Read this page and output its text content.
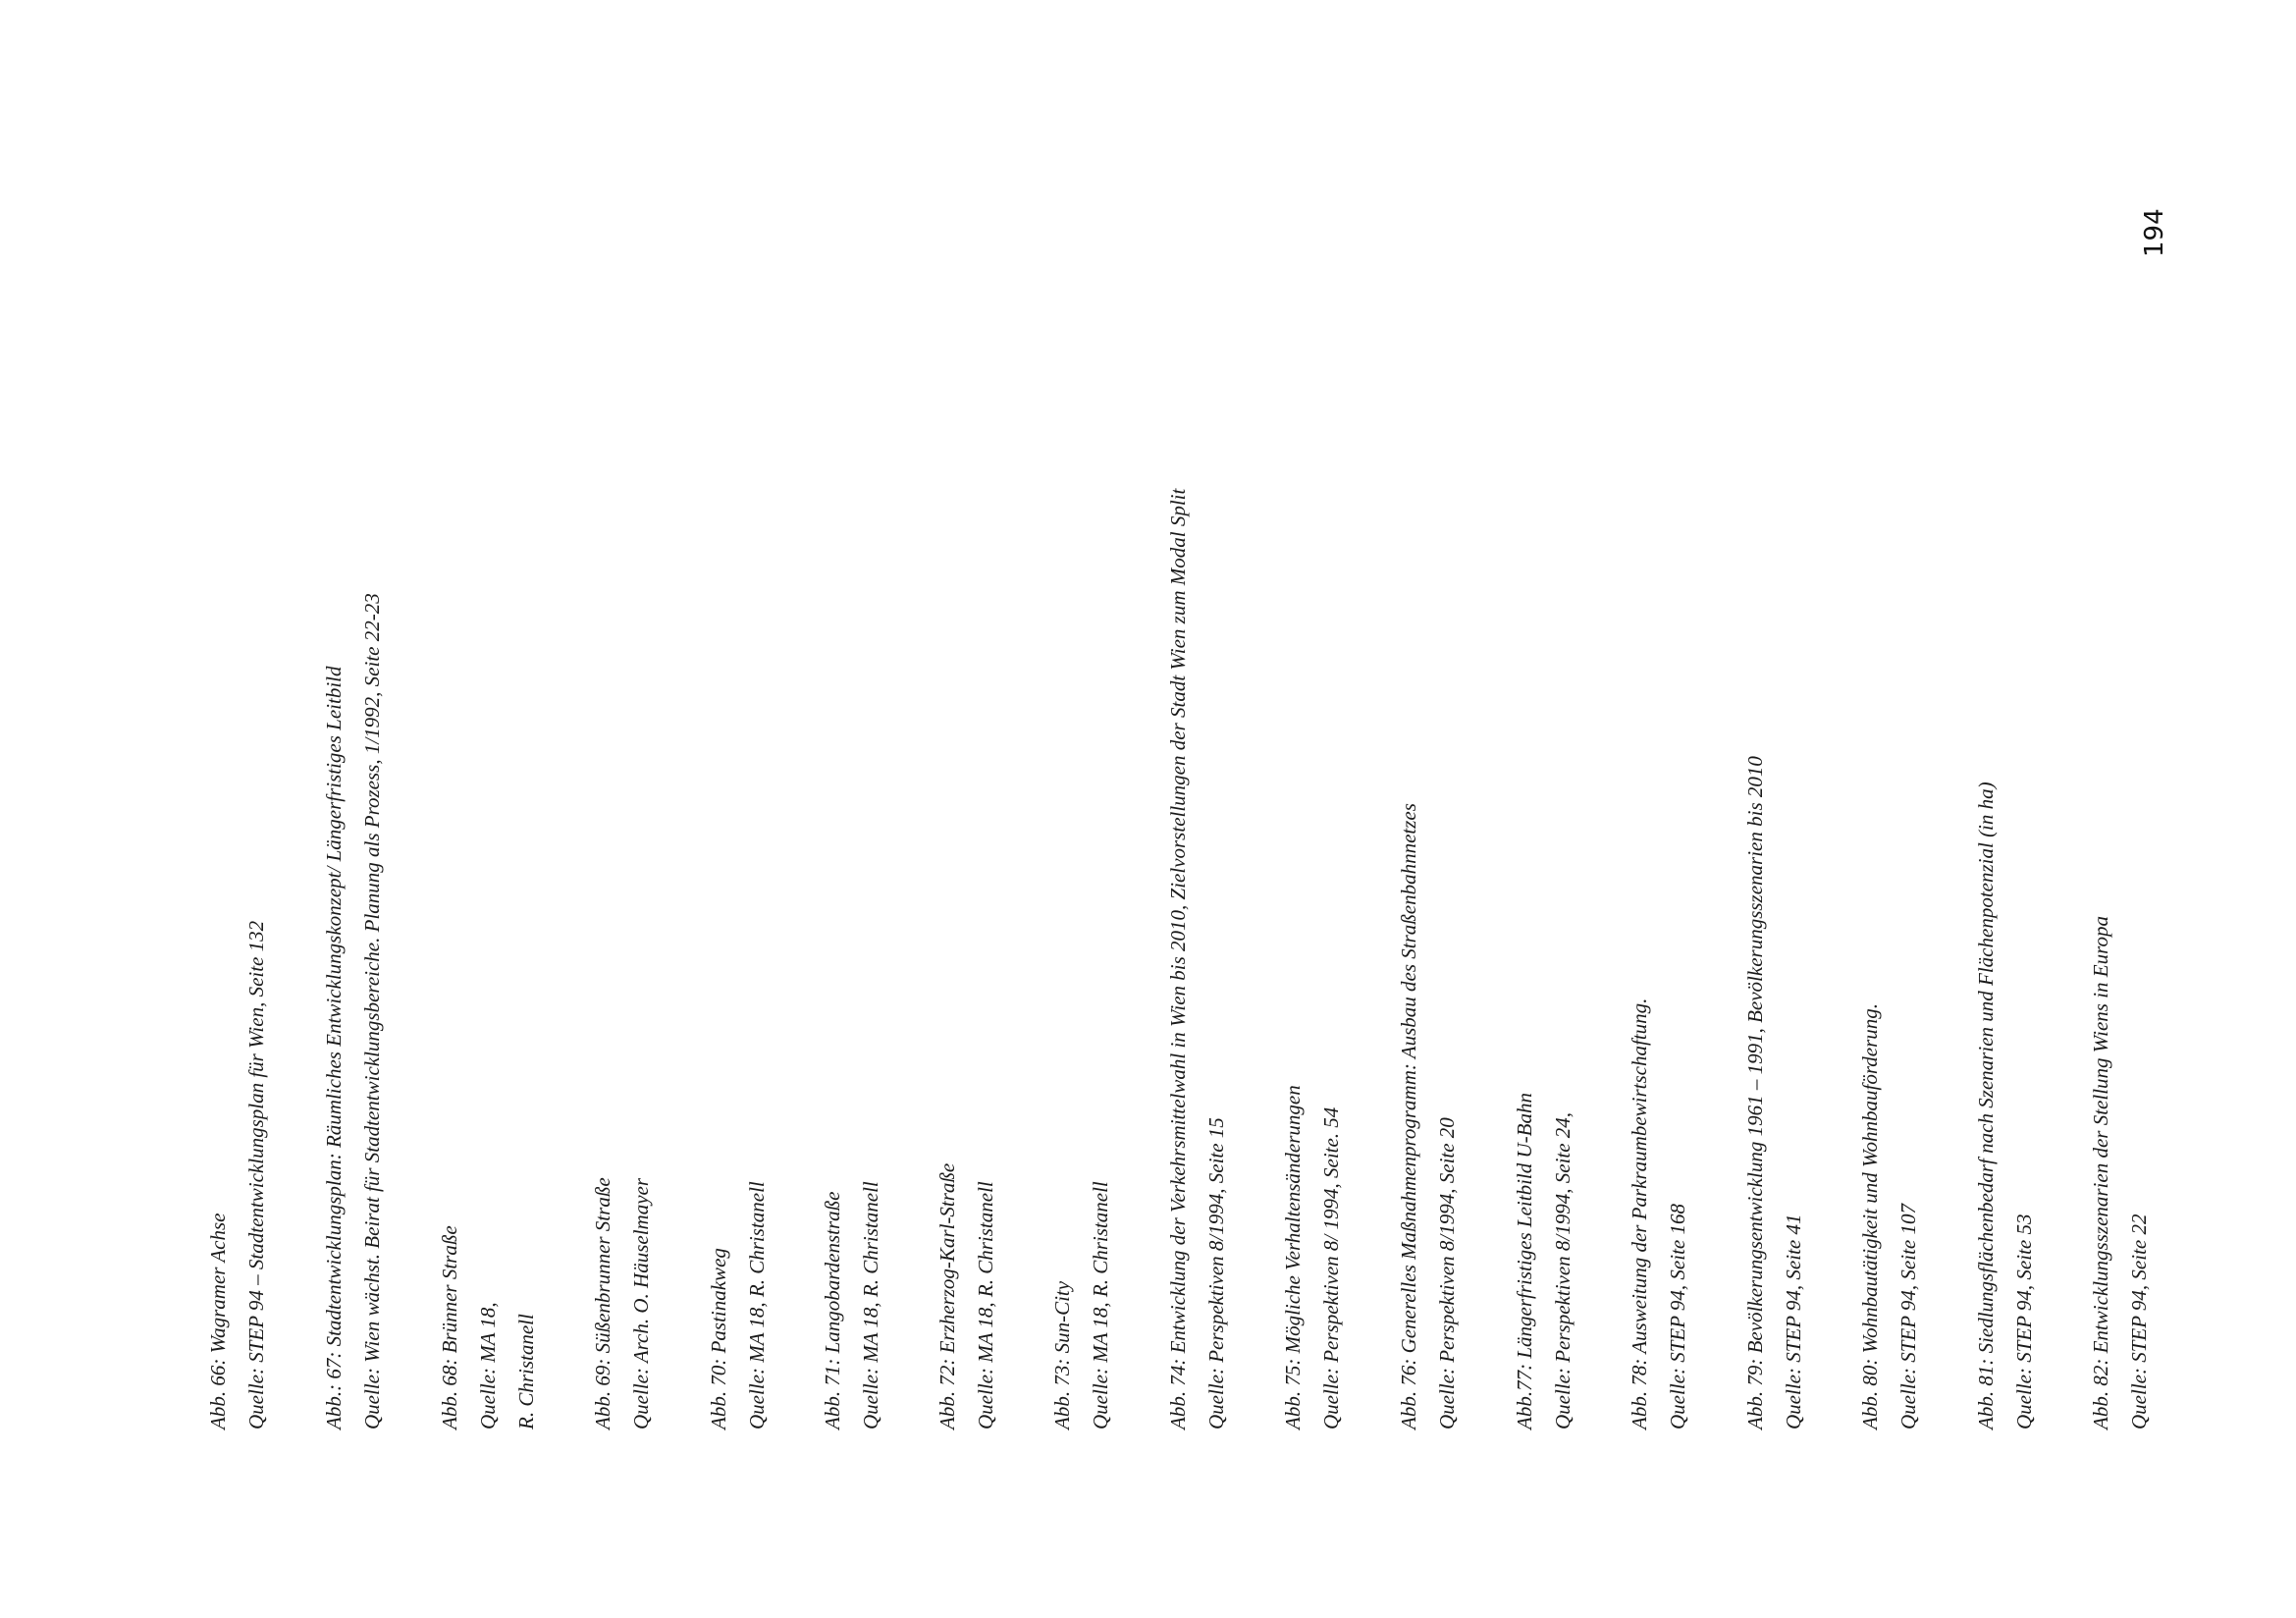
194
Abb. 66: Wagramer Achse Quelle: STEP 94 – Stadtentwicklungsplan für Wien, Seite 132	Abb.: 67: Stadtentwicklungsplan: Räumliches Entwicklungskonzept/ Längerfristiges Leitbild Quelle: Wien wächst. Beirat für Stadtentwicklungsbereiche. Planung als Prozess, 1/1992, Seite 22-23	Abb. 68: Brünner Straße Quelle: MA 18, R. Christanell	Abb. 69: Süßenbrunner Straße Quelle: Arch. O. Häuselmayer	Abb. 70: Pastinakweg Quelle: MA 18, R. Christanell	Abb. 71: Langobardenstraße Quelle: MA 18, R. Christanell	Abb. 72: Erzherzog-Karl-Straße Quelle: MA 18, R. Christanell	Abb. 73: Sun-City Quelle: MA 18, R. Christanell	Abb. 74: Entwicklung der Verkehrsmittelwahl in Wien bis 2010, Zielvorstellungen der Stadt Wien zum Modal Split Quelle: Perspektiven 8/1994, Seite 15	Abb. 75: Mögliche Verhaltensänderungen Quelle: Perspektiven 8/ 1994, Seite. 54	Abb. 76: Generelles Maßnahmenprogramm: Ausbau des Straßenbahnnetzes Quelle: Perspektiven 8/1994, Seite 20	Abb.77: Längerfristiges Leitbild U-Bahn Quelle: Perspektiven 8/1994, Seite 24,	Abb. 78: Ausweitung der Parkraumbewirtschaftung. Quelle: STEP 94, Seite 168	Abb. 79: Bevölkerungsentwicklung 1961 – 1991, Bevölkerungsszenarien bis 2010 Quelle: STEP 94, Seite 41	Abb. 80: Wohnbautätigkeit und Wohnbauförderung. Quelle: STEP 94, Seite 107	Abb. 81: Siedlungsflächenbedarf nach Szenarien und Flächenpotenzial (in ha) Quelle: STEP 94, Seite 53	Abb. 82: Entwicklungsszenarien der Stellung Wiens in Europa Quelle: STEP 94, Seite 22
